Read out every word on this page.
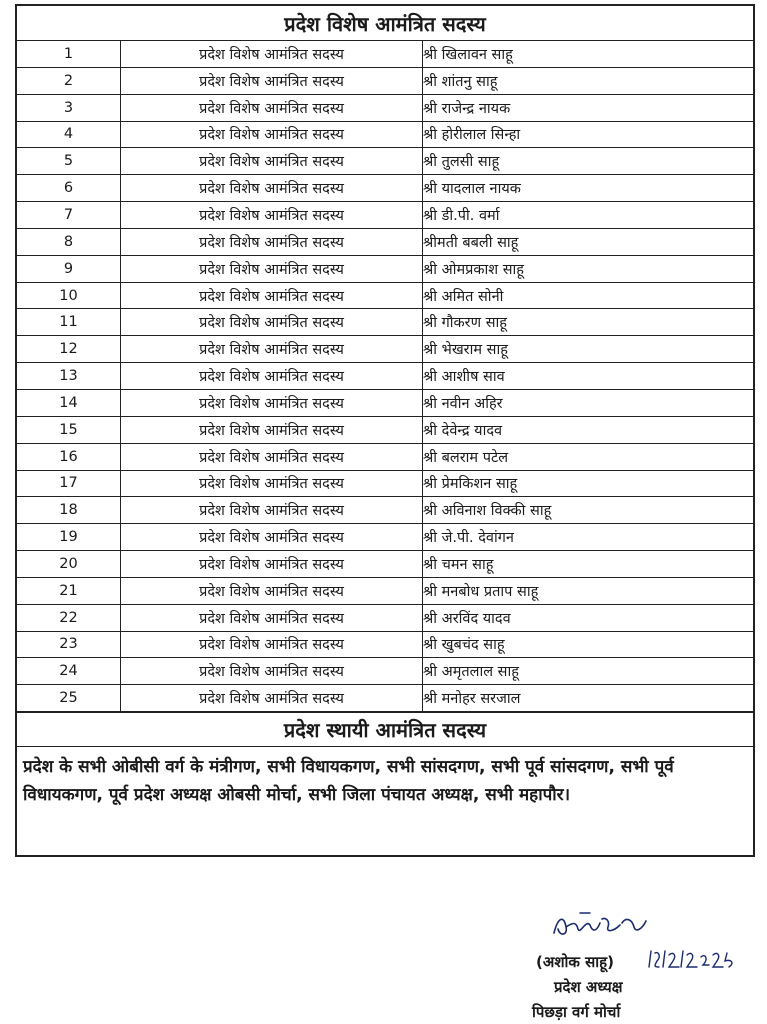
प्रदेश विशेष आमंत्रित सदस्य
1	प्रदेश विशेष आमंत्रित सदस्य	श्री खिलावन साहू
2	प्रदेश विशेष आमंत्रित सदस्य	श्री शांतनु साहू
3	प्रदेश विशेष आमंत्रित सदस्य	श्री राजेन्द्र नायक
4	प्रदेश विशेष आमंत्रित सदस्य	श्री होरीलाल सिन्हा
5	प्रदेश विशेष आमंत्रित सदस्य	श्री तुलसी साहू
6	प्रदेश विशेष आमंत्रित सदस्य	श्री यादलाल नायक
7	प्रदेश विशेष आमंत्रित सदस्य	श्री डी.पी. वर्मा
8	प्रदेश विशेष आमंत्रित सदस्य	श्रीमती बबली साहू
9	प्रदेश विशेष आमंत्रित सदस्य	श्री ओमप्रकाश साहू
10	प्रदेश विशेष आमंत्रित सदस्य	श्री अमित सोनी
11	प्रदेश विशेष आमंत्रित सदस्य	श्री गौकरण साहू
12	प्रदेश विशेष आमंत्रित सदस्य	श्री भेखराम साहू
13	प्रदेश विशेष आमंत्रित सदस्य	श्री आशीष साव
14	प्रदेश विशेष आमंत्रित सदस्य	श्री नवीन अहिर
15	प्रदेश विशेष आमंत्रित सदस्य	श्री देवेन्द्र यादव
16	प्रदेश विशेष आमंत्रित सदस्य	श्री बलराम पटेल
17	प्रदेश विशेष आमंत्रित सदस्य	श्री प्रेमकिशन साहू
18	प्रदेश विशेष आमंत्रित सदस्य	श्री अविनाश विक्की साहू
19	प्रदेश विशेष आमंत्रित सदस्य	श्री जे.पी. देवांगन
20	प्रदेश विशेष आमंत्रित सदस्य	श्री चमन साहू
21	प्रदेश विशेष आमंत्रित सदस्य	श्री मनबोध प्रताप साहू
22	प्रदेश विशेष आमंत्रित सदस्य	श्री अरविंद यादव
23	प्रदेश विशेष आमंत्रित सदस्य	श्री खुबचंद साहू
24	प्रदेश विशेष आमंत्रित सदस्य	श्री अमृतलाल साहू
25	प्रदेश विशेष आमंत्रित सदस्य	श्री मनोहर सरजाल
प्रदेश स्थायी आमंत्रित सदस्य
प्रदेश के सभी ओबीसी वर्ग के मंत्रीगण, सभी विधायकगण, सभी सांसदगण, सभी पूर्व सांसदगण, सभी पूर्व विधायकगण, पूर्व प्रदेश अध्यक्ष ओबसी मोर्चा, सभी जिला पंचायत अध्यक्ष, सभी महापौर।
(अशोक साहू)
प्रदेश अध्यक्ष
पिछड़ा वर्ग मोर्चा
